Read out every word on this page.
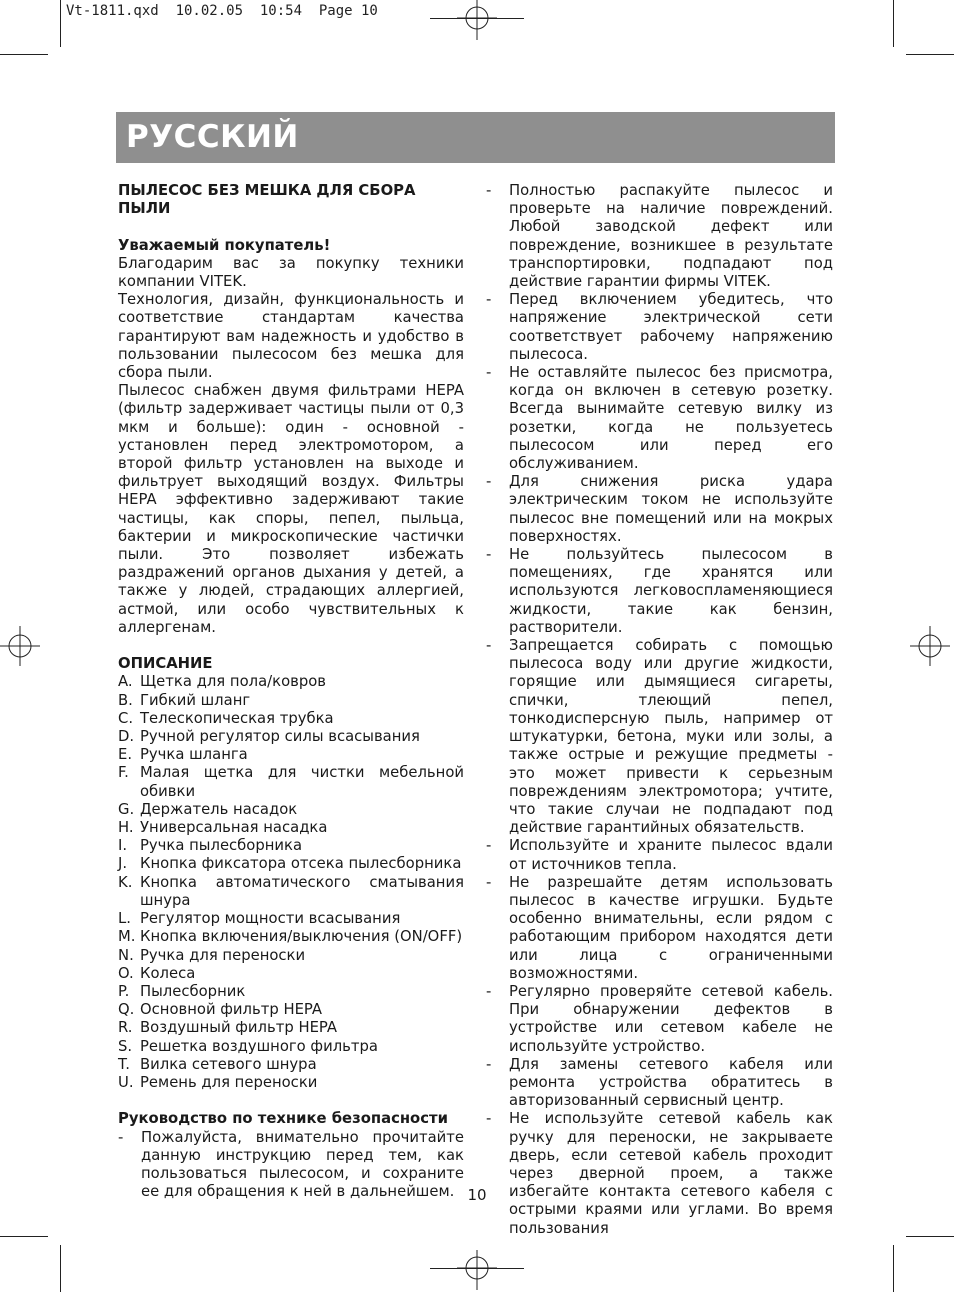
Vt-1811.qxd  10.02.05  10:54  Page 10
РУССКИЙ

ПЫЛЕСОС БЕЗ МЕШКА ДЛЯ СБОРА ПЫЛИ

Уважаемый покупатель!

Благодарим вас за покупку техники компании VITEK.

Технология, дизайн, функциональность и соответствие стандартам качества гарантируют вам надежность и удобство в пользовании пылесосом без мешка для сбора пыли.

Пылесос снабжен двумя фильтрами HEPA (фильтр задерживает частицы пыли от 0,3 мкм и больше): один - основной - установлен перед электромотором, а второй фильтр установлен на выходе и фильтрует выходящий воздух. Фильтры HEPA эффективно задерживают такие частицы, как споры, пепел, пыльца, бактерии и микроскопические частички пыли. Это позволяет избежать раздражений органов дыхания у детей, а также у людей, страдающих аллергией, астмой, или особо чувствительных к аллергенам.

ОПИСАНИЕ

A. Щетка для пола/ковров
B. Гибкий шланг
C. Телескопическая трубка
D. Ручной регулятор силы всасывания
E. Ручка шланга
F. Малая щетка для чистки мебельной обивки
G. Держатель насадок
H. Универсальная насадка
I. Ручка пылесборника
J. Кнопка фиксатора отсека пылесборника
K. Кнопка автоматического сматывания шнура
L. Регулятор мощности всасывания
M. Кнопка включения/выключения (ON/OFF)
N. Ручка для переноски
O. Колеса
P. Пылесборник
Q. Основной фильтр HEPA
R. Воздушный фильтр HEPA
S. Решетка воздушного фильтра
T. Вилка сетевого шнура
U. Ремень для переноски

Руководство по технике безопасности

-	Пожалуйста, внимательно прочитайте данную инструкцию перед тем, как пользоваться пылесосом, и сохраните ее для обращения к ней в дальнейшем.
-	Полностью распакуйте пылесос и проверьте на наличие повреждений. Любой заводской дефект или повреждение, возникшее в результате транспортировки, подпадают под действие гарантии фирмы VITEK.
-	Перед включением убедитесь, что напряжение электрической сети соответствует рабочему напряжению пылесоса.
-	Не оставляйте пылесос без присмотра, когда он включен в сетевую розетку. Всегда вынимайте сетевую вилку из розетки, когда не пользуетесь пылесосом или перед его обслуживанием.
-	Для снижения риска удара электрическим током не используйте пылесос вне помещений или на мокрых поверхностях.
-	Не пользуйтесь пылесосом в помещениях, где хранятся или используются легковоспламеняющиеся жидкости, такие как бензин, растворители.
-	Запрещается собирать с помощью пылесоса воду или другие жидкости, горящие или дымящиеся сигареты, спички, тлеющий пепел, тонкодисперсную пыль, например от штукатурки, бетона, муки или золы, а также острые и режущие предметы - это может привести к серьезным повреждениям электромотора; учтите, что такие случаи не подпадают под действие гарантийных обязательств.
-	Используйте и храните пылесос вдали от источников тепла.
-	Не разрешайте детям использовать пылесос в качестве игрушки. Будьте особенно внимательны, если рядом с работающим прибором находятся дети или лица с ограниченными возможностями.
-	Регулярно проверяйте сетевой кабель. При обнаружении дефектов в устройстве или сетевом кабеле не используйте устройство.
-	Для замены сетевого кабеля или ремонта устройства обратитесь в авторизованный сервисный центр.
-	Не используйте сетевой кабель как ручку для переноски, не закрываете дверь, если сетевой кабель проходит через дверной проем, а также избегайте контакта сетевого кабеля с острыми краями или углами. Во время пользования
10
